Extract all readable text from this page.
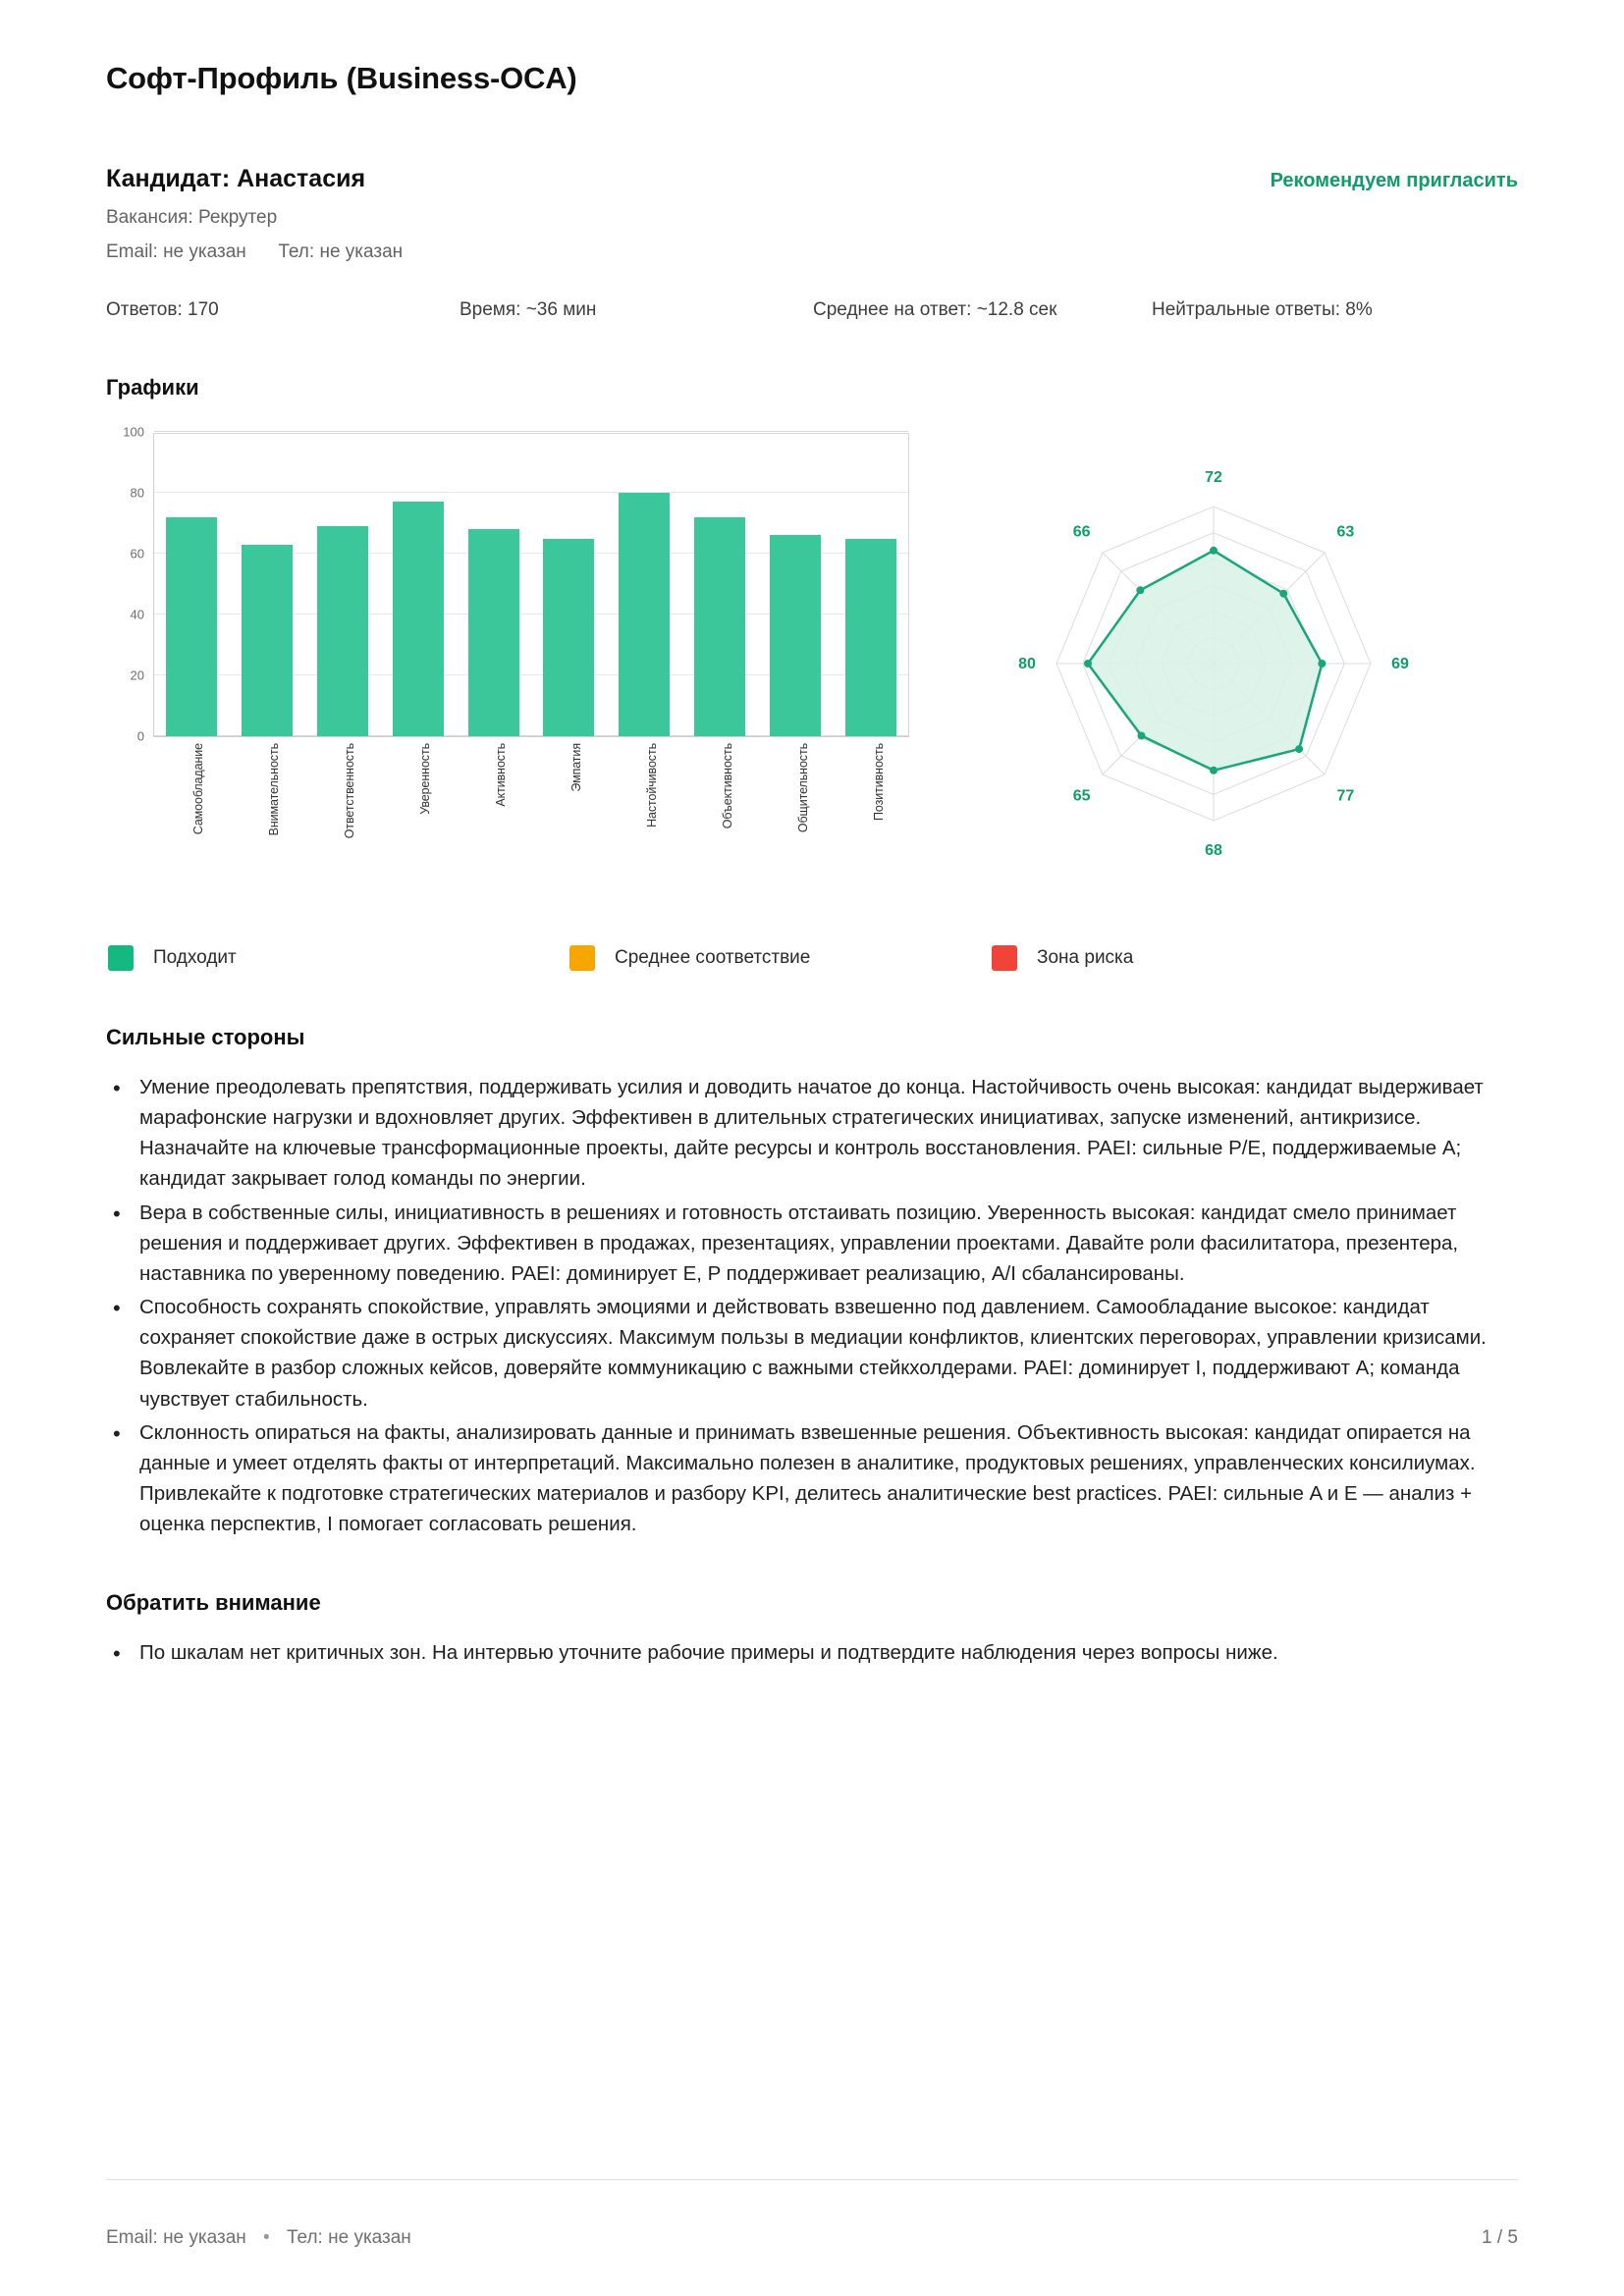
Софт-Профиль (Business-OCA)
Кандидат: Анастасия	Рекомендуем пригласить
Вакансия: Рекрутер
Email: не указан Тел: не указан
Ответов: 170	Время: ~36 мин	Среднее на ответ: ~12.8 сек	Нейтральные ответы: 8%
Графики
0
20
40
60
80
100
Самообладание	Внимательность	Ответственность	Уверенность	Активность	Эмпатия	Настойчивость	Объективность	Общительность	Позитивность
72
63
69
77
68
65
80
66
Подходит	Среднее соответствие	Зона риска
Сильные стороны
• Умение преодолевать препятствия, поддерживать усилия и доводить начатое до конца. Настойчивость очень высокая: кандидат выдерживает марафонские нагрузки и вдохновляет других. Эффективен в длительных стратегических инициативах, запуске изменений, антикризисе. Назначайте на ключевые трансформационные проекты, дайте ресурсы и контроль восстановления. PAEI: сильные P/E, поддерживаемые A; кандидат закрывает голод команды по энергии.
• Вера в собственные силы, инициативность в решениях и готовность отстаивать позицию. Уверенность высокая: кандидат смело принимает решения и поддерживает других. Эффективен в продажах, презентациях, управлении проектами. Давайте роли фасилитатора, презентера, наставника по уверенному поведению. PAEI: доминирует E, P поддерживает реализацию, A/I сбалансированы.
• Способность сохранять спокойствие, управлять эмоциями и действовать взвешенно под давлением. Самообладание высокое: кандидат сохраняет спокойствие даже в острых дискуссиях. Максимум пользы в медиации конфликтов, клиентских переговорах, управлении кризисами. Вовлекайте в разбор сложных кейсов, доверяйте коммуникацию с важными стейкхолдерами. PAEI: доминирует I, поддерживают A; команда чувствует стабильность.
• Склонность опираться на факты, анализировать данные и принимать взвешенные решения. Объективность высокая: кандидат опирается на данные и умеет отделять факты от интерпретаций. Максимально полезен в аналитике, продуктовых решениях, управленческих консилиумах. Привлекайте к подготовке стратегических материалов и разбору KPI, делитесь аналитические best practices. PAEI: сильные A и E — анализ + оценка перспектив, I помогает согласовать решения.
Обратить внимание
• По шкалам нет критичных зон. На интервью уточните рабочие примеры и подтвердите наблюдения через вопросы ниже.
Email: не указан • Тел: не указан	1 / 5
